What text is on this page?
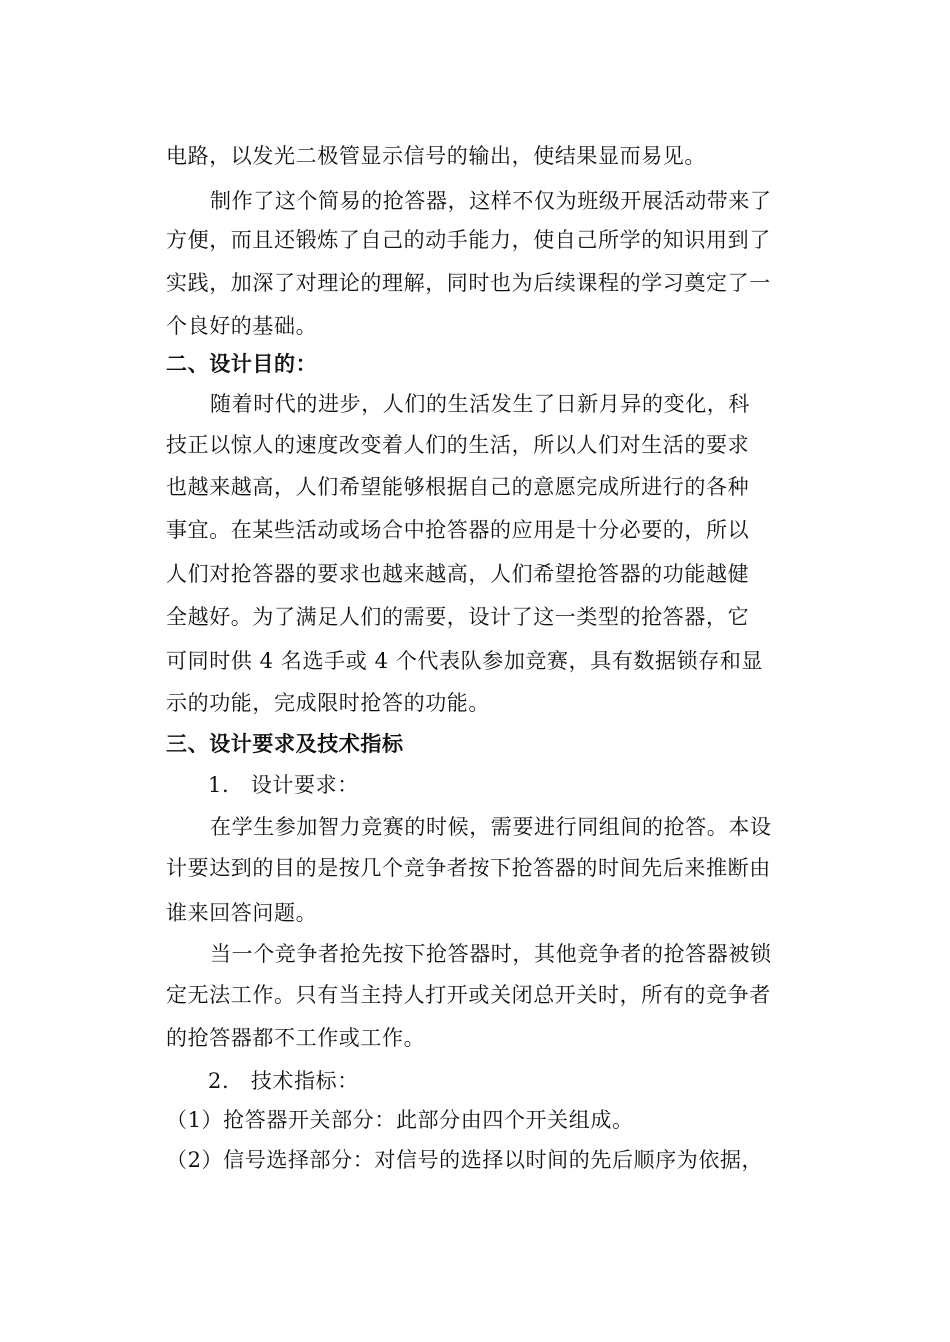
电路，以发光二极管显示信号的输出，使结果显而易见。
制作了这个简易的抢答器，这样不仅为班级开展活动带来了
方便，而且还锻炼了自己的动手能力，使自己所学的知识用到了
实践，加深了对理论的理解，同时也为后续课程的学习奠定了一
个良好的基础。
二、设计目的：
随着时代的进步，人们的生活发生了日新月异的变化，科
技正以惊人的速度改变着人们的生活，所以人们对生活的要求
也越来越高，人们希望能够根据自己的意愿完成所进行的各种
事宜。在某些活动或场合中抢答器的应用是十分必要的，所以
人们对抢答器的要求也越来越高，人们希望抢答器的功能越健
全越好。为了满足人们的需要，设计了这一类型的抢答器，它
可同时供 4 名选手或 4 个代表队参加竞赛，具有数据锁存和显
示的功能，完成限时抢答的功能。
三、设计要求及技术指标
1.　设计要求：
在学生参加智力竞赛的时候，需要进行同组间的抢答。本设
计要达到的目的是按几个竞争者按下抢答器的时间先后来推断由
谁来回答问题。
当一个竞争者抢先按下抢答器时，其他竞争者的抢答器被锁
定无法工作。只有当主持人打开或关闭总开关时，所有的竞争者
的抢答器都不工作或工作。
2.　技术指标：
（1）抢答器开关部分：此部分由四个开关组成。
（2）信号选择部分：对信号的选择以时间的先后顺序为依据，
